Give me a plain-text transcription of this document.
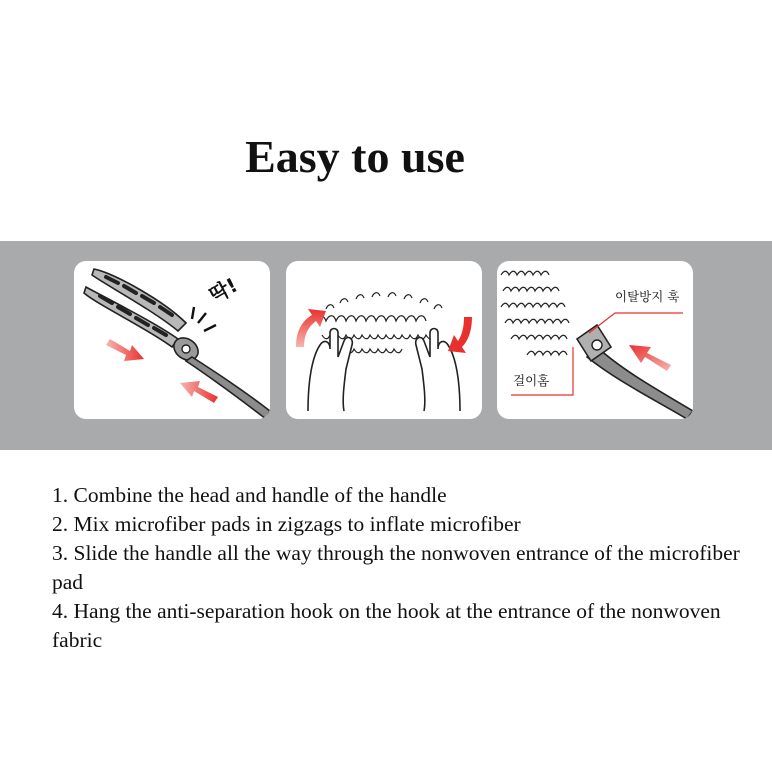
Easy to use
딱!	이탈방지 훅
걸이홈
1. Combine the head and handle of the handle
2. Mix microfiber pads in zigzags to inflate microfiber
3. Slide the handle all the way through the nonwoven entrance of the microfiber pad
4. Hang the anti-separation hook on the hook at the entrance of the nonwoven fabric
